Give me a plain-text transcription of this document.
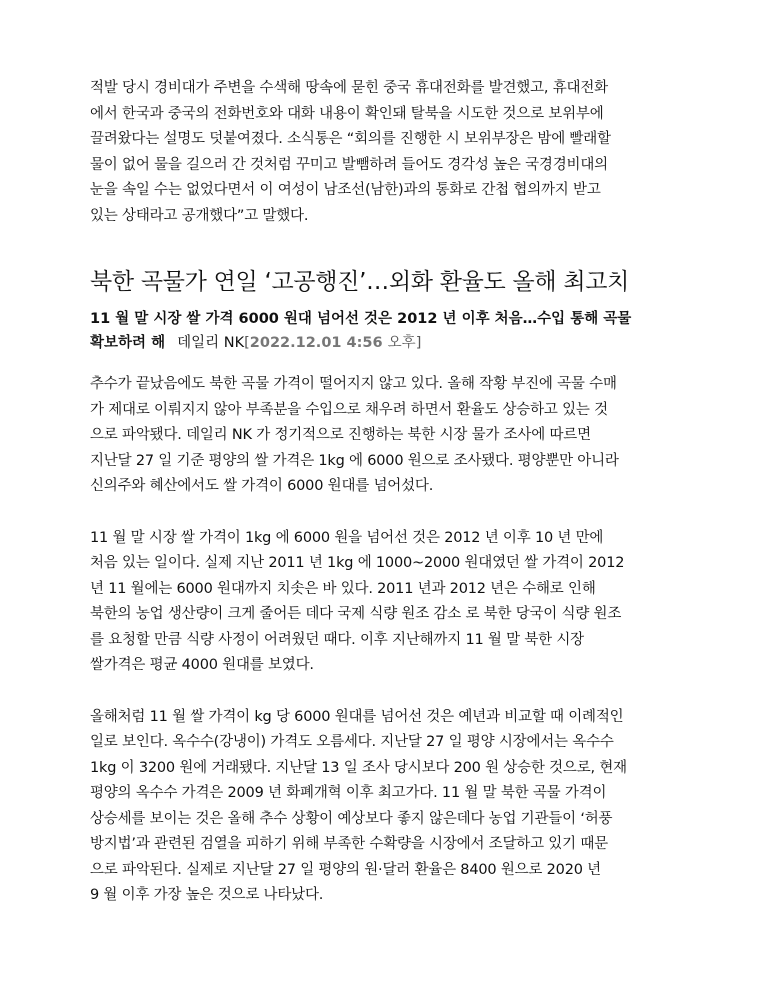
적발 당시 경비대가 주변을 수색해 땅속에 묻힌 중국 휴대전화를 발견했고, 휴대전화
에서 한국과 중국의 전화번호와 대화 내용이 확인돼 탈북을 시도한 것으로 보위부에
끌려왔다는 설명도 덧붙여졌다. 소식통은 “회의를 진행한 시 보위부장은 밤에 빨래할
물이 없어 물을 길으러 간 것처럼 꾸미고 발뺌하려 들어도 경각성 높은 국경경비대의
눈을 속일 수는 없었다면서 이 여성이 남조선(남한)과의 통화로 간첩 협의까지 받고
있는 상태라고 공개했다”고 말했다.

북한 곡물가 연일 ‘고공행진’…외화 환율도 올해 최고치
11 월 말 시장 쌀 가격 6000 원대 넘어선 것은 2012 년 이후 처음…수입 통해 곡물
확보하려 해 데일리 NK[2022.12.01 4:56 오후]

추수가 끝났음에도 북한 곡물 가격이 떨어지지 않고 있다. 올해 작황 부진에 곡물 수매
가 제대로 이뤄지지 않아 부족분을 수입으로 채우려 하면서 환율도 상승하고 있는 것
으로 파악됐다. 데일리 NK 가 정기적으로 진행하는 북한 시장 물가 조사에 따르면
지난달 27 일 기준 평양의 쌀 가격은 1kg 에 6000 원으로 조사됐다. 평양뿐만 아니라
신의주와 혜산에서도 쌀 가격이 6000 원대를 넘어섰다.

11 월 말 시장 쌀 가격이 1kg 에 6000 원을 넘어선 것은 2012 년 이후 10 년 만에
처음 있는 일이다. 실제 지난 2011 년 1kg 에 1000~2000 원대였던 쌀 가격이 2012
년 11 월에는 6000 원대까지 치솟은 바 있다. 2011 년과 2012 년은 수해로 인해
북한의 농업 생산량이 크게 줄어든 데다 국제 식량 원조 감소 로 북한 당국이 식량 원조
를 요청할 만큼 식량 사정이 어려웠던 때다. 이후 지난해까지 11 월 말 북한 시장
쌀가격은 평균 4000 원대를 보였다.

올해처럼 11 월 쌀 가격이 kg 당 6000 원대를 넘어선 것은 예년과 비교할 때 이례적인
일로 보인다. 옥수수(강냉이) 가격도 오름세다. 지난달 27 일 평양 시장에서는 옥수수
1kg 이 3200 원에 거래됐다. 지난달 13 일 조사 당시보다 200 원 상승한 것으로, 현재
평양의 옥수수 가격은 2009 년 화폐개혁 이후 최고가다. 11 월 말 북한 곡물 가격이
상승세를 보이는 것은 올해 추수 상황이 예상보다 좋지 않은데다 농업 기관들이 ‘허풍
방지법’과 관련된 검열을 피하기 위해 부족한 수확량을 시장에서 조달하고 있기 때문
으로 파악된다. 실제로 지난달 27 일 평양의 원·달러 환율은 8400 원으로 2020 년
9 월 이후 가장 높은 것으로 나타났다.
